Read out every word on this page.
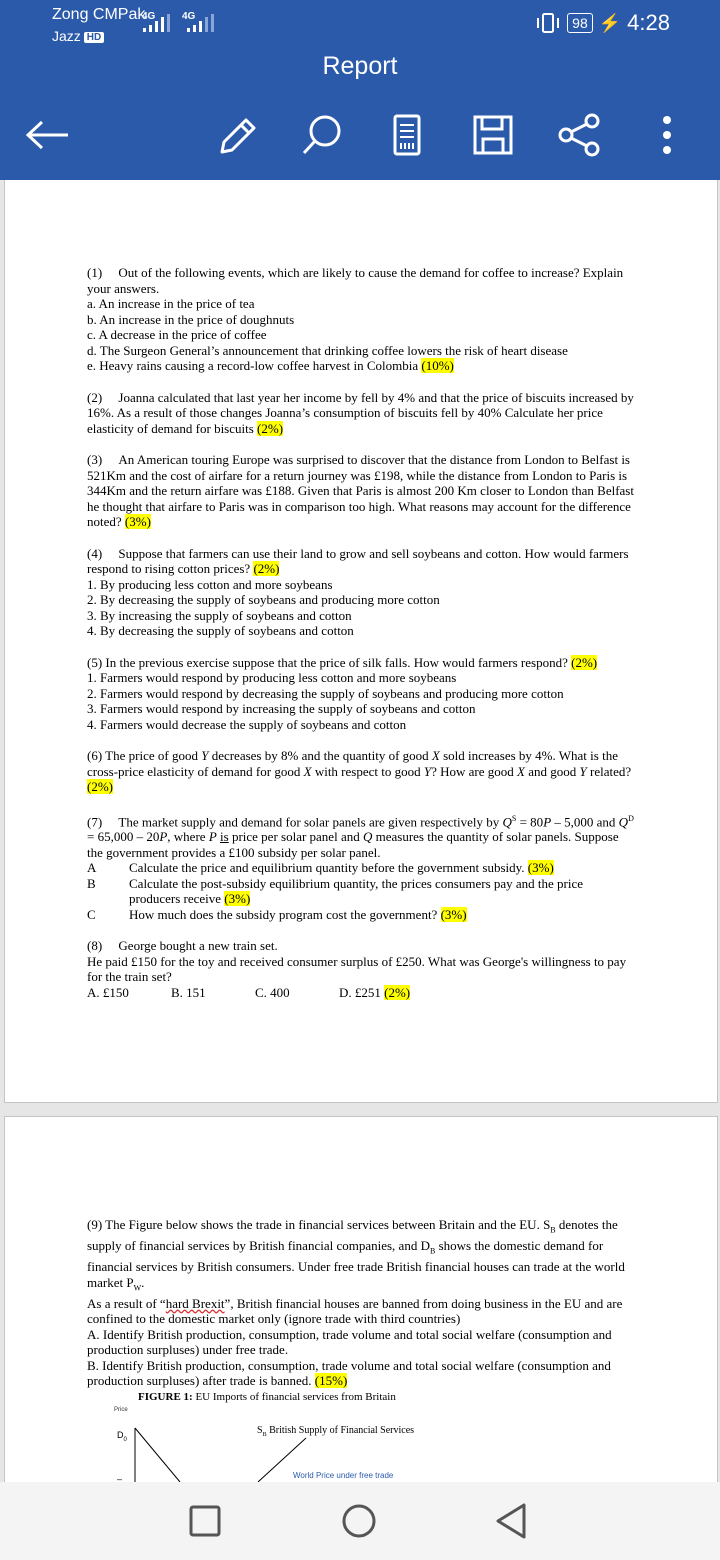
Zong CMPak
Jazz HD
4G	4G	98 ⚡ 4:28
Report

(1)  Out of the following events, which are likely to cause the demand for coffee to increase? Explain your answers.

a. An increase in the price of tea

b. An increase in the price of doughnuts

c. A decrease in the price of coffee

d. The Surgeon General’s announcement that drinking coffee lowers the risk of heart disease

e. Heavy rains causing a record-low coffee harvest in Colombia (10%)

(2)  Joanna calculated that last year her income by fell by 4% and that the price of biscuits increased by 16%. As a result of those changes Joanna’s consumption of biscuits fell by 40% Calculate her price elasticity of demand for biscuits (2%)

(3)  An American touring Europe was surprised to discover that the distance from London to Belfast is 521Km and the cost of airfare for a return journey was £198, while the distance from London to Paris is 344Km and the return airfare was £188. Given that Paris is almost 200 Km closer to London than Belfast he thought that airfare to Paris was in comparison too high. What reasons may account for the difference noted? (3%)

(4)  Suppose that farmers can use their land to grow and sell soybeans and cotton. How would farmers respond to rising cotton prices? (2%)

1. By producing less cotton and more soybeans

2. By decreasing the supply of soybeans and producing more cotton

3. By increasing the supply of soybeans and cotton

4. By decreasing the supply of soybeans and cotton

(5) In the previous exercise suppose that the price of silk falls. How would farmers respond? (2%)

1. Farmers would respond by producing less cotton and more soybeans

2. Farmers would respond by decreasing the supply of soybeans and producing more cotton

3. Farmers would respond by increasing the supply of soybeans and cotton

4. Farmers would decrease the supply of soybeans and cotton

(6) The price of good Y decreases by 8% and the quantity of good X sold increases by 4%. What is the cross-price elasticity of demand for good X with respect to good Y? How are good X and good Y related? (2%)

(7)  The market supply and demand for solar panels are given respectively by $Q^S = 80P - 5,000$ and $Q^D = 65,000 - 20P$, where P is price per solar panel and Q measures the quantity of solar panels. Suppose the government provides a £100 subsidy per solar panel.

A	Calculate the price and equilibrium quantity before the government subsidy. (3%)
B	Calculate the post-subsidy equilibrium quantity, the prices consumers pay and the price producers receive (3%)
C	How much does the subsidy program cost the government? (3%)

(8)  George bought a new train set.

He paid £150 for the toy and received consumer surplus of £250. What was George's willingness to pay for the train set?

A. £150	B. 151	C. 400	D. £251 (2%)

(9) The Figure below shows the trade in financial services between Britain and the EU. $S_B$ denotes the supply of financial services by British financial companies, and $D_B$ shows the domestic demand for financial services by British consumers. Under free trade British financial houses can trade at the world market $P_W$.

As a result of “hard Brexit”, British financial houses are banned from doing business in the EU and are confined to the domestic market only (ignore trade with third countries)

A. Identify British production, consumption, trade volume and total social welfare (consumption and production surpluses) under free trade.

B. Identify British production, consumption, trade volume and total social welfare (consumption and production surpluses) after trade is banned. (15%)

FIGURE 1: EU Imports of financial services from Britain
Price
$D_0$
$S_B$ British Supply of Financial Services
World Price under free trade
–
